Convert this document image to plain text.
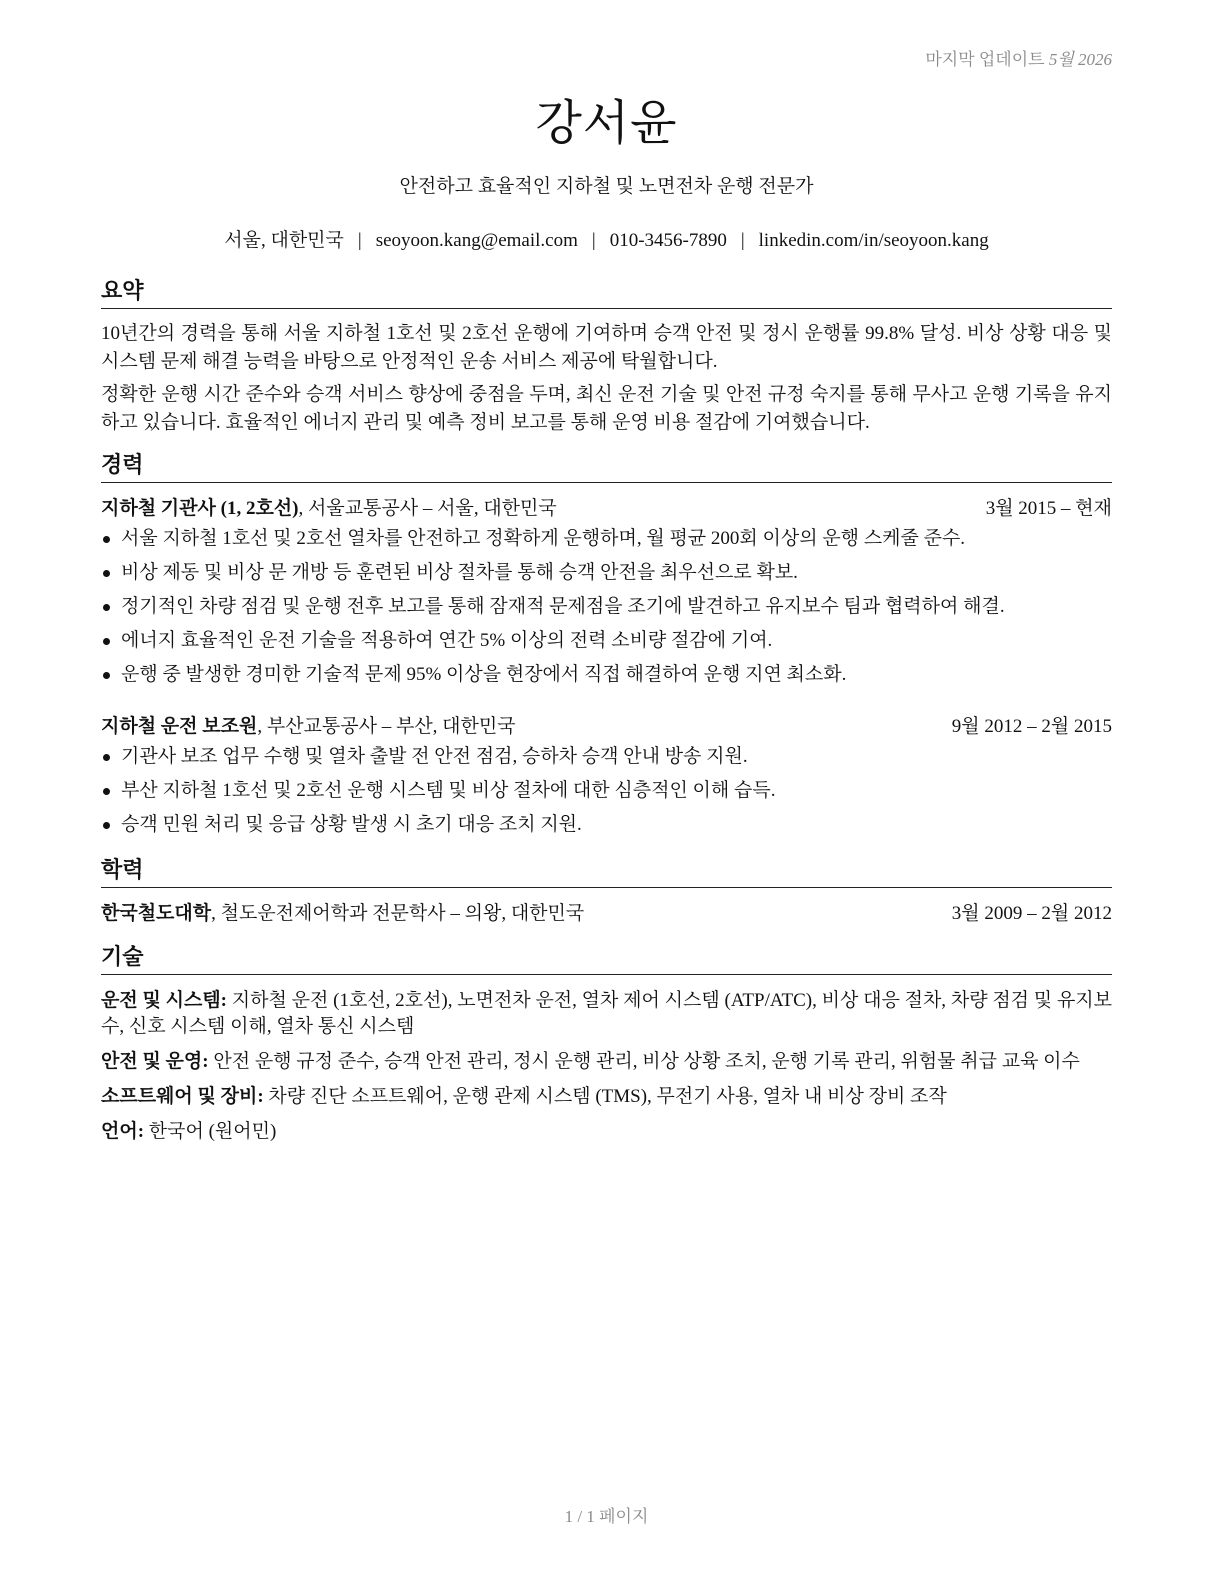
마지막 업데이트 5월 2026
강서윤
안전하고 효율적인 지하철 및 노면전차 운행 전문가
서울, 대한민국 | seoyoon.kang@email.com | 010-3456-7890 | linkedin.com/in/seoyoon.kang
요약
10년간의 경력을 통해 서울 지하철 1호선 및 2호선 운행에 기여하며 승객 안전 및 정시 운행률 99.8% 달성. 비상 상황 대응 및 시스템 문제 해결 능력을 바탕으로 안정적인 운송 서비스 제공에 탁월합니다.
정확한 운행 시간 준수와 승객 서비스 향상에 중점을 두며, 최신 운전 기술 및 안전 규정 숙지를 통해 무사고 운행 기록을 유지하고 있습니다. 효율적인 에너지 관리 및 예측 정비 보고를 통해 운영 비용 절감에 기여했습니다.
경력
지하철 기관사 (1, 2호선), 서울교통공사 – 서울, 대한민국	3월 2015 – 현재
서울 지하철 1호선 및 2호선 열차를 안전하고 정확하게 운행하며, 월 평균 200회 이상의 운행 스케줄 준수.
비상 제동 및 비상 문 개방 등 훈련된 비상 절차를 통해 승객 안전을 최우선으로 확보.
정기적인 차량 점검 및 운행 전후 보고를 통해 잠재적 문제점을 조기에 발견하고 유지보수 팀과 협력하여 해결.
에너지 효율적인 운전 기술을 적용하여 연간 5% 이상의 전력 소비량 절감에 기여.
운행 중 발생한 경미한 기술적 문제 95% 이상을 현장에서 직접 해결하여 운행 지연 최소화.
지하철 운전 보조원, 부산교통공사 – 부산, 대한민국	9월 2012 – 2월 2015
기관사 보조 업무 수행 및 열차 출발 전 안전 점검, 승하차 승객 안내 방송 지원.
부산 지하철 1호선 및 2호선 운행 시스템 및 비상 절차에 대한 심층적인 이해 습득.
승객 민원 처리 및 응급 상황 발생 시 초기 대응 조치 지원.
학력
한국철도대학, 철도운전제어학과 전문학사 – 의왕, 대한민국	3월 2009 – 2월 2012
기술
운전 및 시스템: 지하철 운전 (1호선, 2호선), 노면전차 운전, 열차 제어 시스템 (ATP/ATC), 비상 대응 절차, 차량 점검 및 유지보수, 신호 시스템 이해, 열차 통신 시스템
안전 및 운영: 안전 운행 규정 준수, 승객 안전 관리, 정시 운행 관리, 비상 상황 조치, 운행 기록 관리, 위험물 취급 교육 이수
소프트웨어 및 장비: 차량 진단 소프트웨어, 운행 관제 시스템 (TMS), 무전기 사용, 열차 내 비상 장비 조작
언어: 한국어 (원어민)
1 / 1 페이지
